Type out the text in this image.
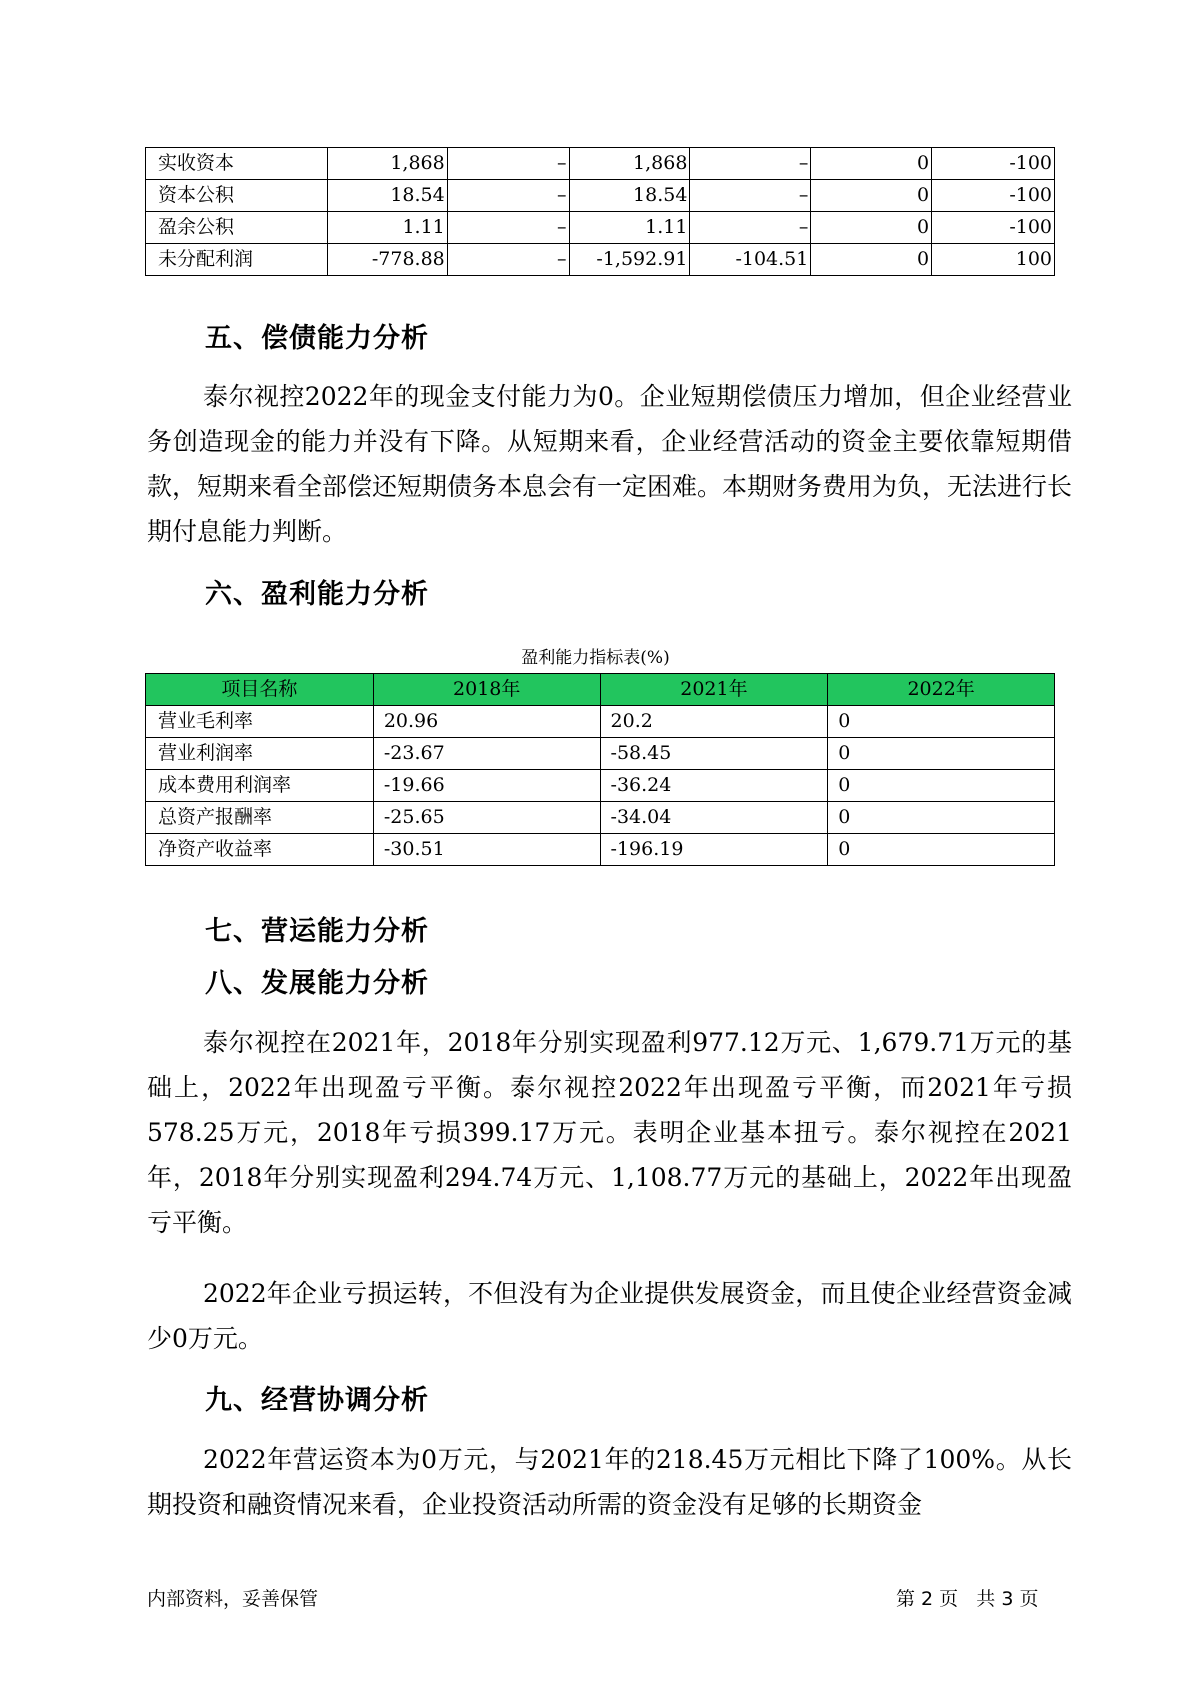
实收资本	1,868	–	1,868	–	0	-100
资本公积	18.54	–	18.54	–	0	-100
盈余公积	1.11	–	1.11	–	0	-100
未分配利润	-778.88	–	-1,592.91	-104.51	0	100
五、偿债能力分析

泰尔视控2022年的现金支付能力为0。企业短期偿债压力增加，但企业经营业务创造现金的能力并没有下降。从短期来看，企业经营活动的资金主要依靠短期借款，短期来看全部偿还短期债务本息会有一定困难。本期财务费用为负，无法进行长期付息能力判断。

六、盈利能力分析
盈利能力指标表(%)
项目名称	2018年	2021年	2022年
营业毛利率	20.96	20.2	0
营业利润率	-23.67	-58.45	0
成本费用利润率	-19.66	-36.24	0
总资产报酬率	-25.65	-34.04	0
净资产收益率	-30.51	-196.19	0
七、营运能力分析
八、发展能力分析

泰尔视控在2021年，2018年分别实现盈利977.12万元、1,679.71万元的基础上，2022年出现盈亏平衡。泰尔视控2022年出现盈亏平衡，而2021年亏损578.25万元，2018年亏损399.17万元。表明企业基本扭亏。泰尔视控在2021年，2018年分别实现盈利294.74万元、1,108.77万元的基础上，2022年出现盈亏平衡。

2022年企业亏损运转，不但没有为企业提供发展资金，而且使企业经营资金减少0万元。

九、经营协调分析

2022年营运资本为0万元，与2021年的218.45万元相比下降了100%。从长期投资和融资情况来看，企业投资活动所需的资金没有足够的长期资金

内部资料，妥善保管	第 2 页   共 3 页
